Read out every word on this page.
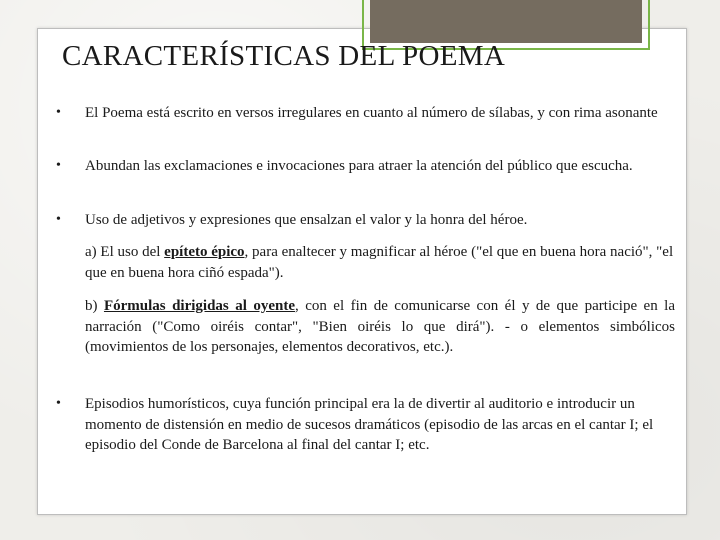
CARACTERÍSTICAS DEL POEMA
• El Poema está escrito en versos irregulares en cuanto al número de sílabas, y con rima asonante
• Abundan las exclamaciones e invocaciones para atraer la atención del público que escucha.
• Uso de adjetivos y expresiones que ensalzan el valor y la honra del héroe.
a) El uso del epíteto épico, para enaltecer y magnificar al héroe ("el que en buena hora nació", "el que en buena hora ciñó espada").
b) Fórmulas dirigidas al oyente, con el fin de comunicarse con él y de que participe en la narración ("Como oiréis contar", "Bien oiréis lo que dirá"). - o elementos simbólicos (movimientos de los personajes, elementos decorativos, etc.).
• Episodios humorísticos, cuya función principal era la de divertir al auditorio e introducir un momento de distensión en medio de sucesos dramáticos (episodio de las arcas en el cantar I; el episodio del Conde de Barcelona al final del cantar I; etc.
